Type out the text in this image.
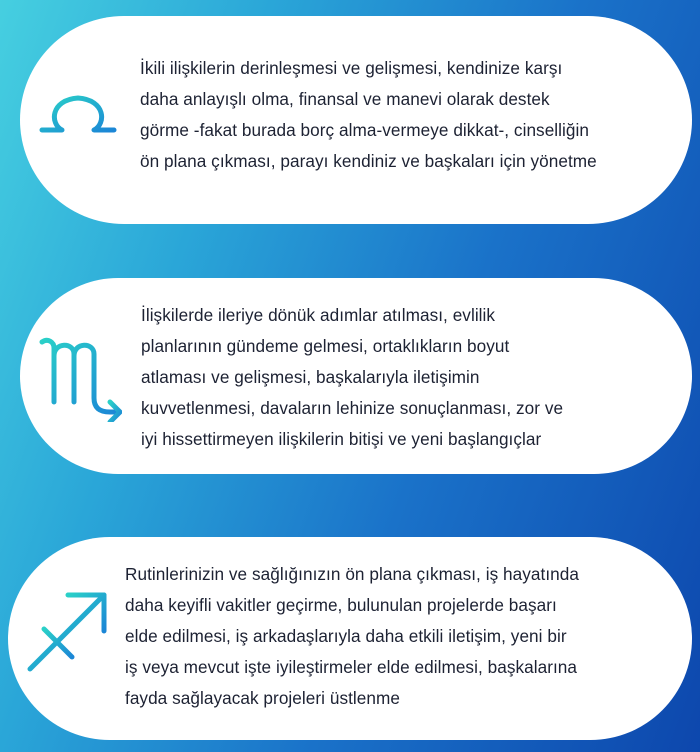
İkili ilişkilerin derinleşmesi ve gelişmesi, kendinize karşı
daha anlayışlı olma, finansal ve manevi olarak destek
görme -fakat burada borç alma-vermeye dikkat-, cinselliğin
ön plana çıkması, parayı kendiniz ve başkaları için yönetme
İlişkilerde ileriye dönük adımlar atılması, evlilik
planlarının gündeme gelmesi, ortaklıkların boyut
atlaması ve gelişmesi, başkalarıyla iletişimin
kuvvetlenmesi, davaların lehinize sonuçlanması, zor ve
iyi hissettirmeyen ilişkilerin bitişi ve yeni başlangıçlar
Rutinlerinizin ve sağlığınızın ön plana çıkması, iş hayatında
daha keyifli vakitler geçirme, bulunulan projelerde başarı
elde edilmesi, iş arkadaşlarıyla daha etkili iletişim, yeni bir
iş veya mevcut işte iyileştirmeler elde edilmesi, başkalarına
fayda sağlayacak projeleri üstlenme
